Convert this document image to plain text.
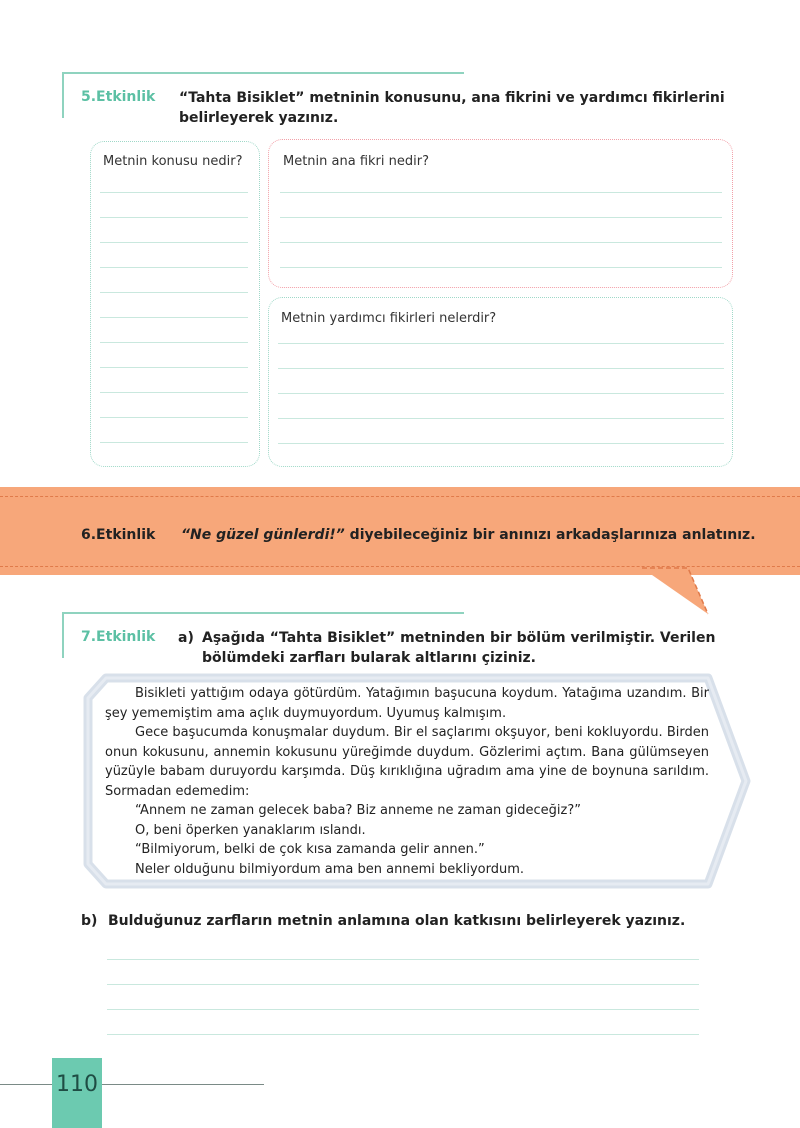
5.Etkinlik “Tahta Bisiklet” metninin konusunu, ana fikrini ve yardımcı fikirlerini
belirleyerek yazınız.
Metnin konusu nedir?	Metnin ana fikri nedir?
Metnin yardımcı fikirleri nelerdir?
6.Etkinlik “Ne güzel günlerdi!” diyebileceğiniz bir anınızı arkadaşlarınıza anlatınız.
7.Etkinlik a) Aşağıda “Tahta Bisiklet” metninden bir bölüm verilmiştir. Verilen
bölümdeki zarfları bularak altlarını çiziniz.

Bisikleti yattığım odaya götürdüm. Yatağımın başucuna koydum. Yatağıma uzandım. Bir şey yememiştim ama açlık duymuyordum. Uyumuş kalmışım.

Gece başucumda konuşmalar duydum. Bir el saçlarımı okşuyor, beni kokluyordu. Birden onun kokusunu, annemin kokusunu yüreğimde duydum. Gözlerimi açtım. Bana gülümseyen yüzüyle babam duruyordu karşımda. Düş kırıklığına uğradım ama yine de boynuna sarıldım. Sormadan edemedim:

“Annem ne zaman gelecek baba? Biz anneme ne zaman gideceğiz?”

O, beni öperken yanaklarım ıslandı.

“Bilmiyorum, belki de çok kısa zamanda gelir annen.”

Neler olduğunu bilmiyordum ama ben annemi bekliyordum.

b) Bulduğunuz zarfların metnin anlamına olan katkısını belirleyerek yazınız.
110
